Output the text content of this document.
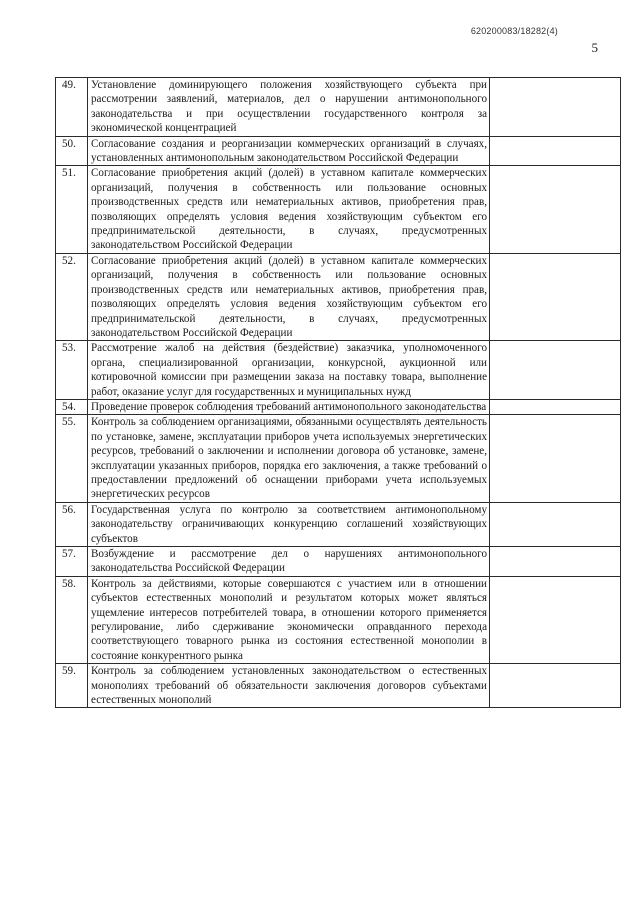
620200083/18282(4)
5
49.	Установление доминирующего положения хозяйствующего субъекта при рассмотрении заявлений, материалов, дел о нарушении антимонопольного законодательства и при осуществлении государственного контроля за экономической концентрацией	
50.	Согласование создания и реорганизации коммерческих организаций в случаях, установленных антимонопольным законодательством Российской Федерации	
51.	Согласование приобретения акций (долей) в уставном капитале коммерческих организаций, получения в собственность или пользование основных производственных средств или нематериальных активов, приобретения прав, позволяющих определять условия ведения хозяйствующим субъектом его предпринимательской деятельности, в случаях, предусмотренных законодательством Российской Федерации	
52.	Согласование приобретения акций (долей) в уставном капитале коммерческих организаций, получения в собственность или пользование основных производственных средств или нематериальных активов, приобретения прав, позволяющих определять условия ведения хозяйствующим субъектом его предпринимательской деятельности, в случаях, предусмотренных законодательством Российской Федерации	
53.	Рассмотрение жалоб на действия (бездействие) заказчика, уполномоченного органа, специализированной организации, конкурсной, аукционной или котировочной комиссии при размещении заказа на поставку товара, выполнение работ, оказание услуг для государственных и муниципальных нужд	
54.	Проведение проверок соблюдения требований антимонопольного законодательства	
55.	Контроль за соблюдением организациями, обязанными осуществлять деятельность по установке, замене, эксплуатации приборов учета используемых энергетических ресурсов, требований о заключении и исполнении договора об установке, замене, эксплуатации указанных приборов, порядка его заключения, а также требований о предоставлении предложений об оснащении приборами учета используемых энергетических ресурсов	
56.	Государственная услуга по контролю за соответствием антимонопольному законодательству ограничивающих конкуренцию соглашений хозяйствующих субъектов	
57.	Возбуждение и рассмотрение дел о нарушениях антимонопольного законодательства Российской Федерации	
58.	Контроль за действиями, которые совершаются с участием или в отношении субъектов естественных монополий и результатом которых может являться ущемление интересов потребителей товара, в отношении которого применяется регулирование, либо сдерживание экономически оправданного перехода соответствующего товарного рынка из состояния естественной монополии в состояние конкурентного рынка	
59.	Контроль за соблюдением установленных законодательством о естественных монополиях требований об обязательности заключения договоров субъектами естественных монополий	
